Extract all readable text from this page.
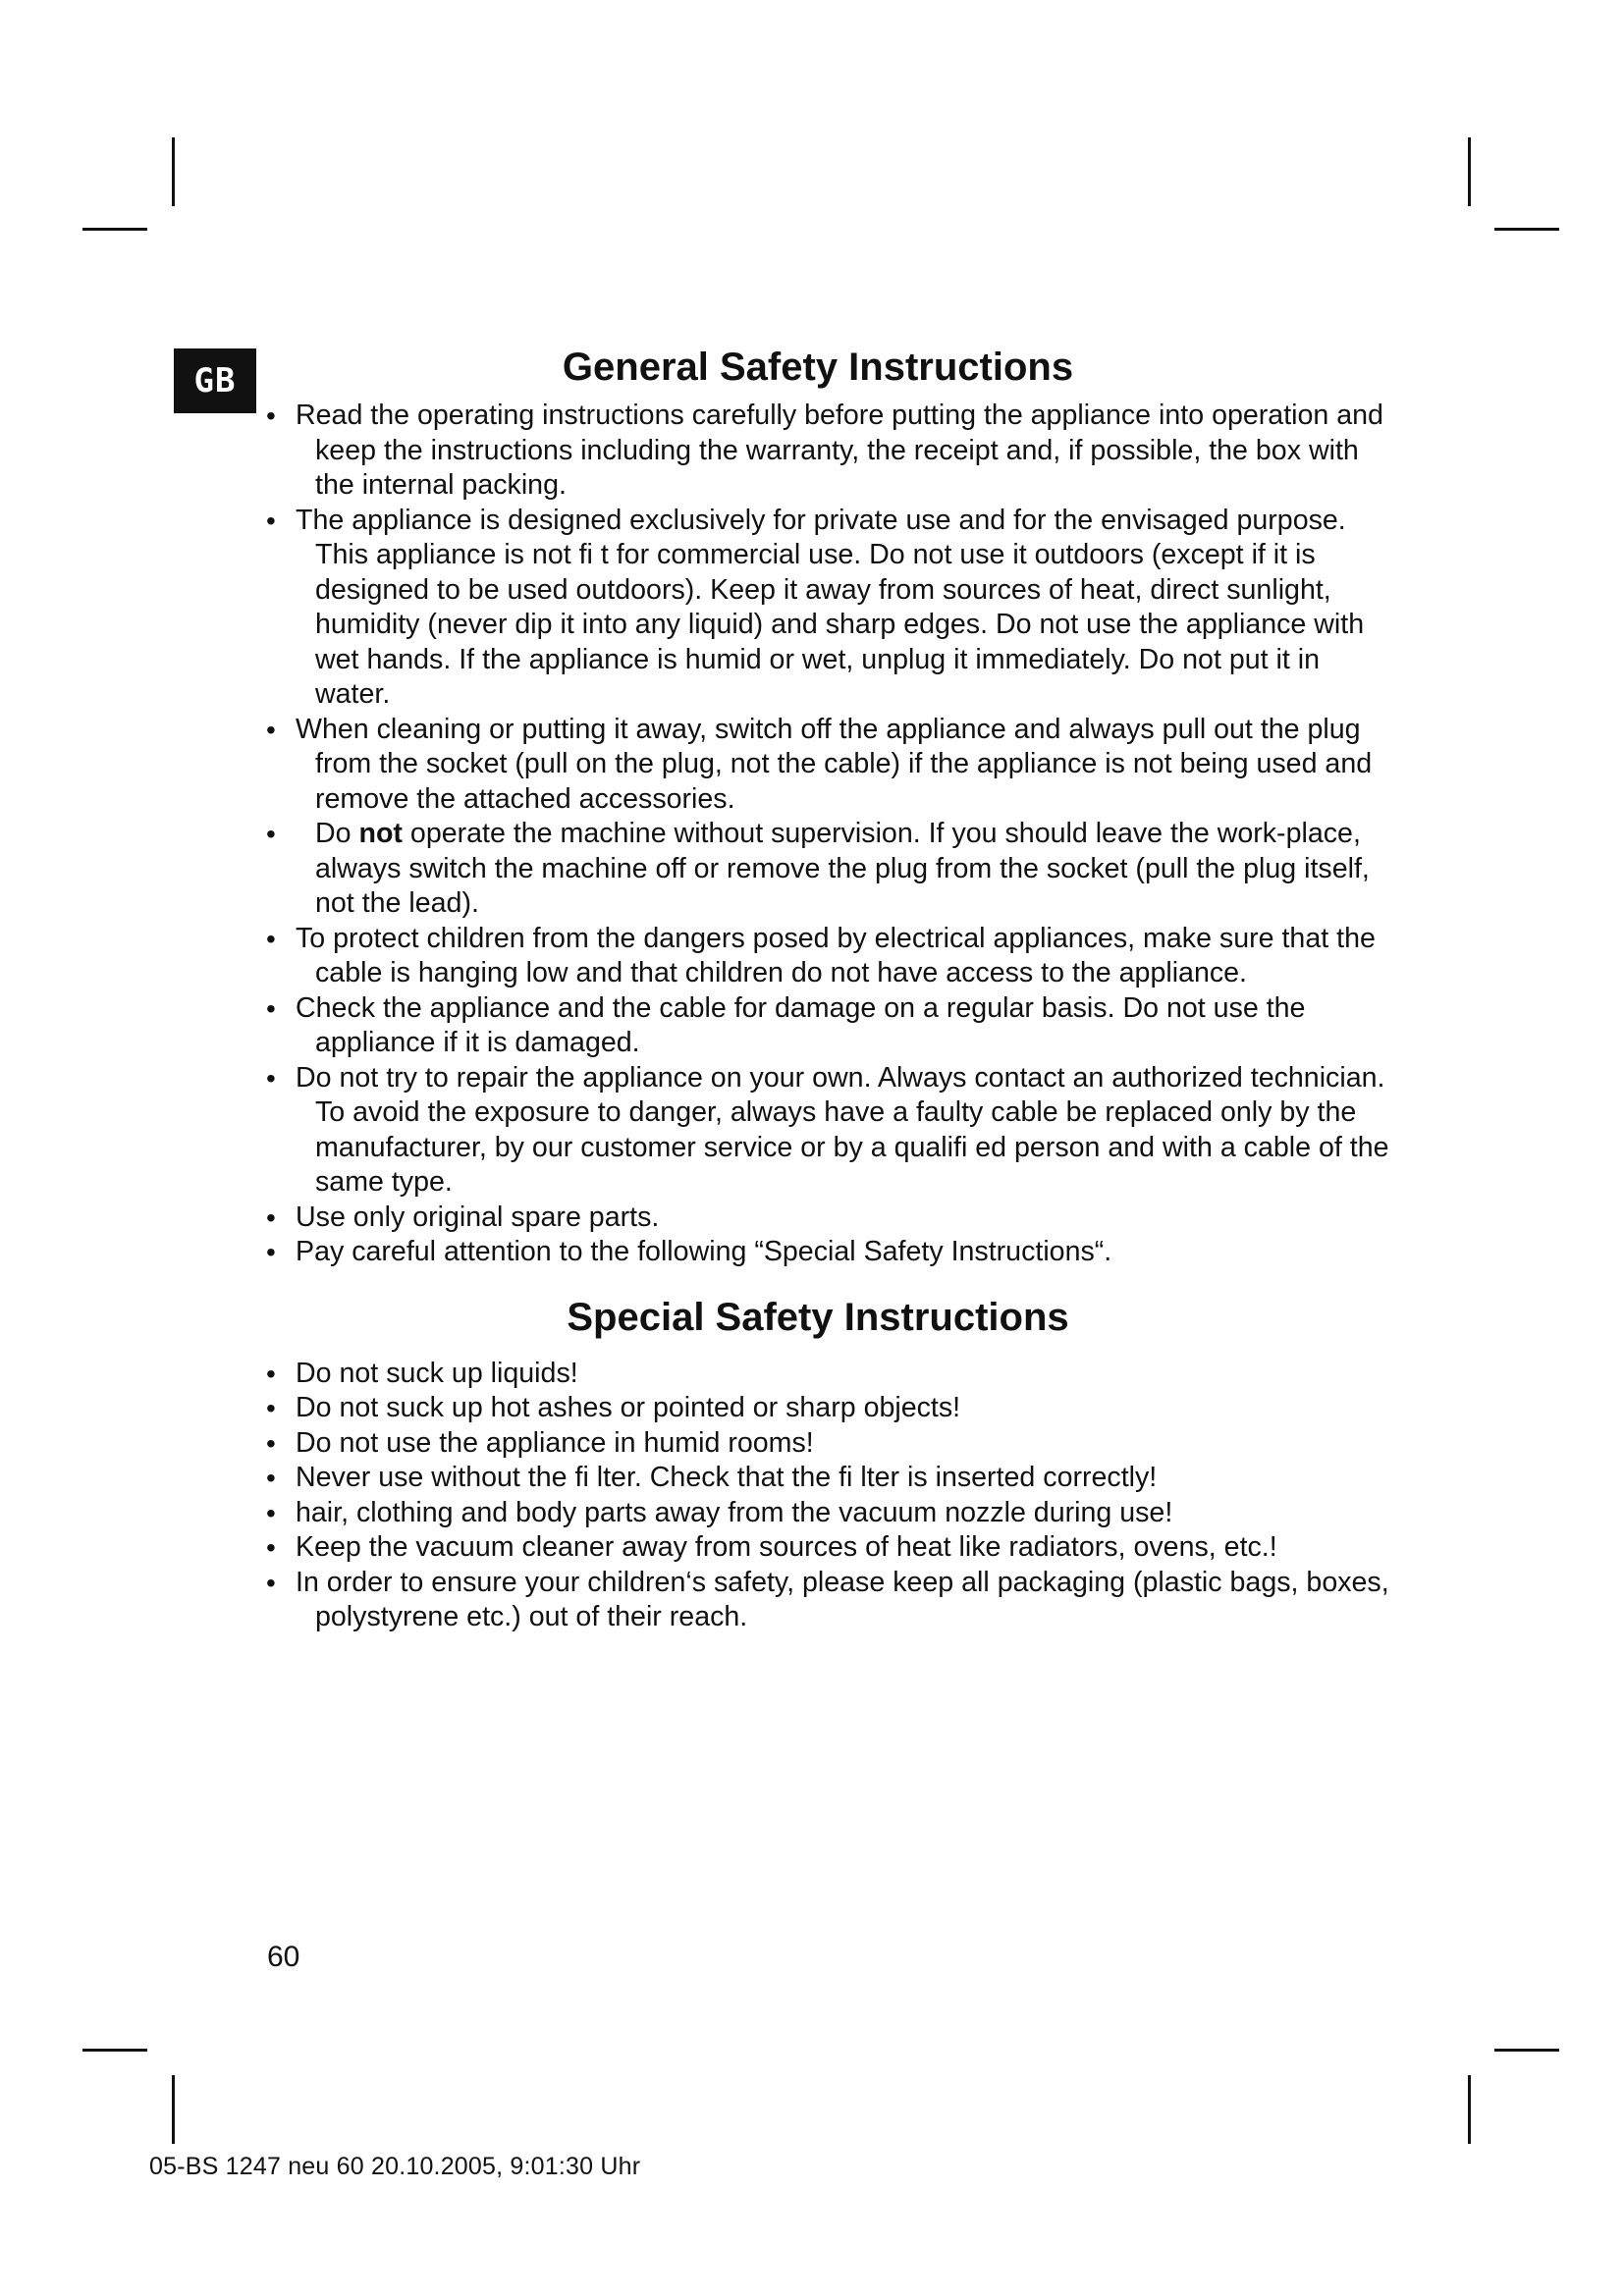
GB	General Safety Instructions
• Read the operating instructions carefully before putting the appliance into operation and keep the instructions including the warranty, the receipt and, if possible, the box with the internal packing.
• The appliance is designed exclusively for private use and for the envisaged purpose. This appliance is not fi t for commercial use. Do not use it outdoors (except if it is designed to be used outdoors). Keep it away from sources of heat, direct sunlight, humidity (never dip it into any liquid) and sharp edges. Do not use the appliance with wet hands. If the appliance is humid or wet, unplug it immediately. Do not put it in water.
• When cleaning or putting it away, switch off the appliance and always pull out the plug from the socket (pull on the plug, not the cable) if the appliance is not being used and remove the attached accessories.
•	Do not operate the machine without supervision. If you should leave the work-place, always switch the machine off or remove the plug from the socket (pull the plug itself, not the lead).
• To protect children from the dangers posed by electrical appliances, make sure that the cable is hanging low and that children do not have access to the appliance.
• Check the appliance and the cable for damage on a regular basis. Do not use the appliance if it is damaged.
• Do not try to repair the appliance on your own. Always contact an authorized technician. To avoid the exposure to danger, always have a faulty cable be replaced only by the manufacturer, by our customer service or by a qualifi ed person and with a cable of the same type.
• Use only original spare parts.
• Pay careful attention to the following “Special Safety Instructions“.
Special Safety Instructions
• Do not suck up liquids!
• Do not suck up hot ashes or pointed or sharp objects!
• Do not use the appliance in humid rooms!
• Never use without the fi lter. Check that the fi lter is inserted correctly!
• hair, clothing and body parts away from the vacuum nozzle during use!
• Keep the vacuum cleaner away from sources of heat like radiators, ovens, etc.!
• In order to ensure your children‘s safety, please keep all packaging (plastic bags, boxes, polystyrene etc.) out of their reach.
60
05-BS 1247 neu 60 20.10.2005, 9:01:30 Uhr
